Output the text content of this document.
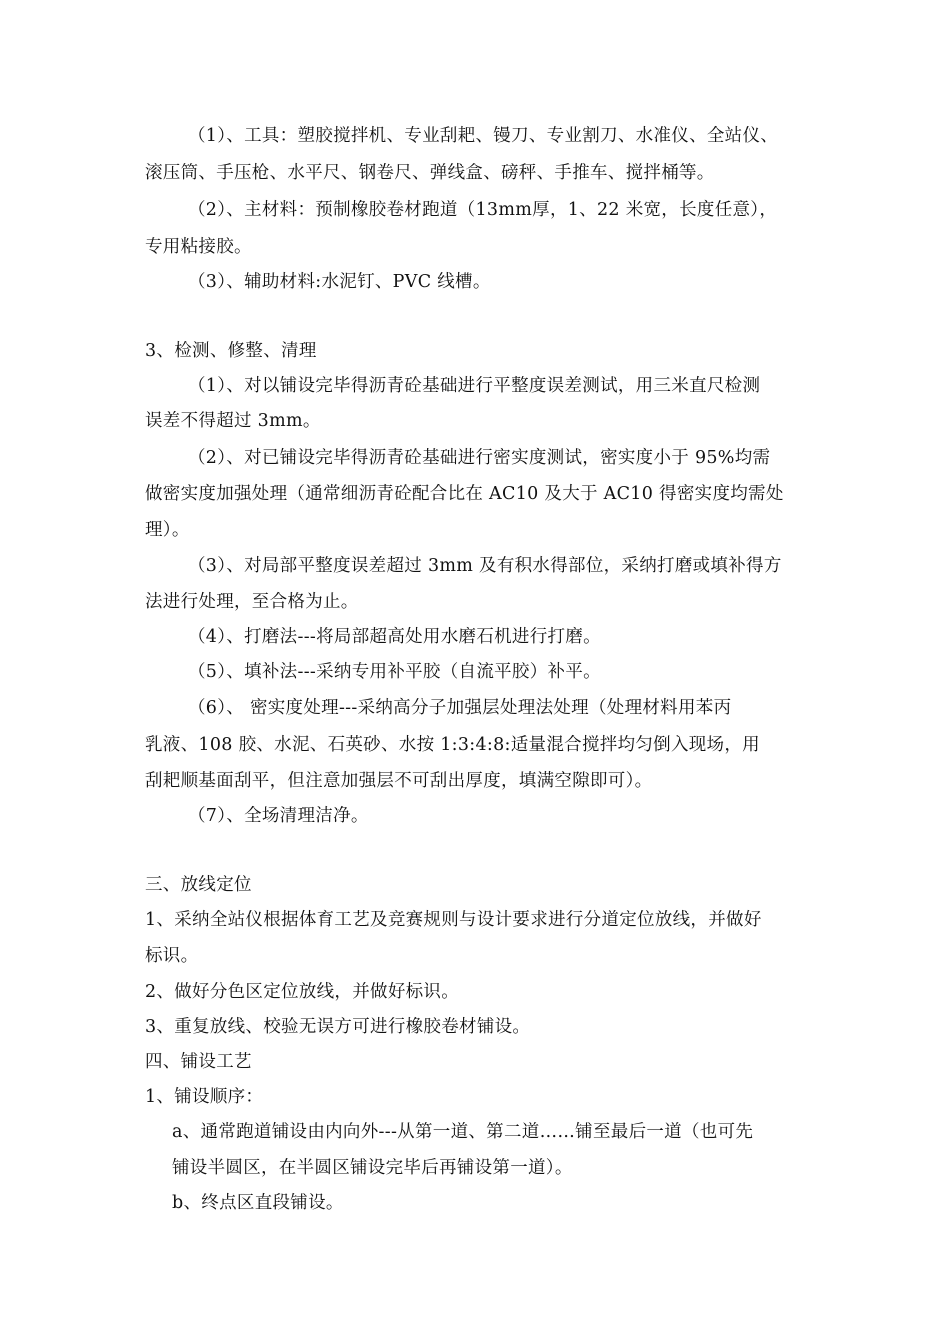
（1）、工具：塑胶搅拌机、专业刮耙、镘刀、专业割刀、水准仪、全站仪、
滚压筒、手压枪、水平尺、钢卷尺、弹线盒、磅秤、手推车、搅拌桶等。
（2）、主材料：预制橡胶卷材跑道（13mm厚，1、22 米宽，长度任意），
专用粘接胶。
（3）、辅助材料:水泥钉、PVC 线槽。
3、检测、修整、清理
（1）、对以铺设完毕得沥青砼基础进行平整度误差测试，用三米直尺检测
误差不得超过 3mm。
（2）、对已铺设完毕得沥青砼基础进行密实度测试，密实度小于 95%均需
做密实度加强处理（通常细沥青砼配合比在 AC10 及大于 AC10 得密实度均需处
理）。
（3）、对局部平整度误差超过 3mm 及有积水得部位，采纳打磨或填补得方
法进行处理，至合格为止。
（4）、打磨法---将局部超高处用水磨石机进行打磨。
（5）、填补法---采纳专用补平胶（自流平胶）补平。
（6）、 密实度处理---采纳高分子加强层处理法处理（处理材料用苯丙
乳液、108 胶、水泥、石英砂、水按 1:3:4:8:适量混合搅拌均匀倒入现场，用
刮耙顺基面刮平，但注意加强层不可刮出厚度，填满空隙即可）。
（7）、全场清理洁净。
三、放线定位
1、采纳全站仪根据体育工艺及竞赛规则与设计要求进行分道定位放线，并做好
标识。
2、做好分色区定位放线，并做好标识。
3、重复放线、校验无误方可进行橡胶卷材铺设。
四、铺设工艺
1、铺设顺序：
a、通常跑道铺设由内向外---从第一道、第二道……铺至最后一道（也可先
铺设半圆区，在半圆区铺设完毕后再铺设第一道）。
b、终点区直段铺设。
